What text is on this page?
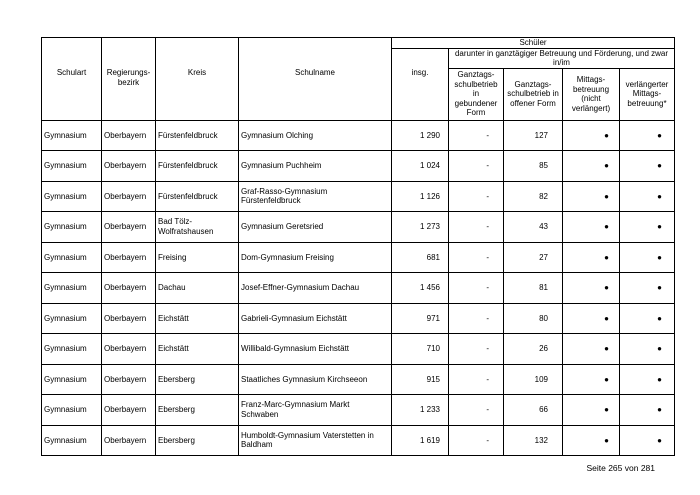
				Schüler				
					darunter in ganztägiger Betreuung und Förderung, und zwar in/im			
Schulart	Regierungs-bezirk	Kreis	Schulname	insg.	Ganztags-schulbetrieb in gebundener Form	Ganztags-schulbetrieb in offener Form	Mittags-betreuung (nicht verlängert)	verlängerter Mittags-betreuung*
Gymnasium	Oberbayern	Fürstenfeldbruck	Gymnasium Olching	1 290	-	127	●	●
Gymnasium	Oberbayern	Fürstenfeldbruck	Gymnasium Puchheim	1 024	-	85	●	●
Gymnasium	Oberbayern	Fürstenfeldbruck	Graf-Rasso-Gymnasium Fürstenfeldbruck	1 126	-	82	●	●
Gymnasium	Oberbayern	Bad Tölz-Wolfratshausen	Gymnasium Geretsried	1 273	-	43	●	●
Gymnasium	Oberbayern	Freising	Dom-Gymnasium Freising	681	-	27	●	●
Gymnasium	Oberbayern	Dachau	Josef-Effner-Gymnasium Dachau	1 456	-	81	●	●
Gymnasium	Oberbayern	Eichstätt	Gabrieli-Gymnasium Eichstätt	971	-	80	●	●
Gymnasium	Oberbayern	Eichstätt	Willibald-Gymnasium Eichstätt	710	-	26	●	●
Gymnasium	Oberbayern	Ebersberg	Staatliches Gymnasium Kirchseeon	915	-	109	●	●
Gymnasium	Oberbayern	Ebersberg	Franz-Marc-Gymnasium Markt Schwaben	1 233	-	66	●	●
Gymnasium	Oberbayern	Ebersberg	Humboldt-Gymnasium Vaterstetten in Baldham	1 619	-	132	●	●
Seite 265 von 281
